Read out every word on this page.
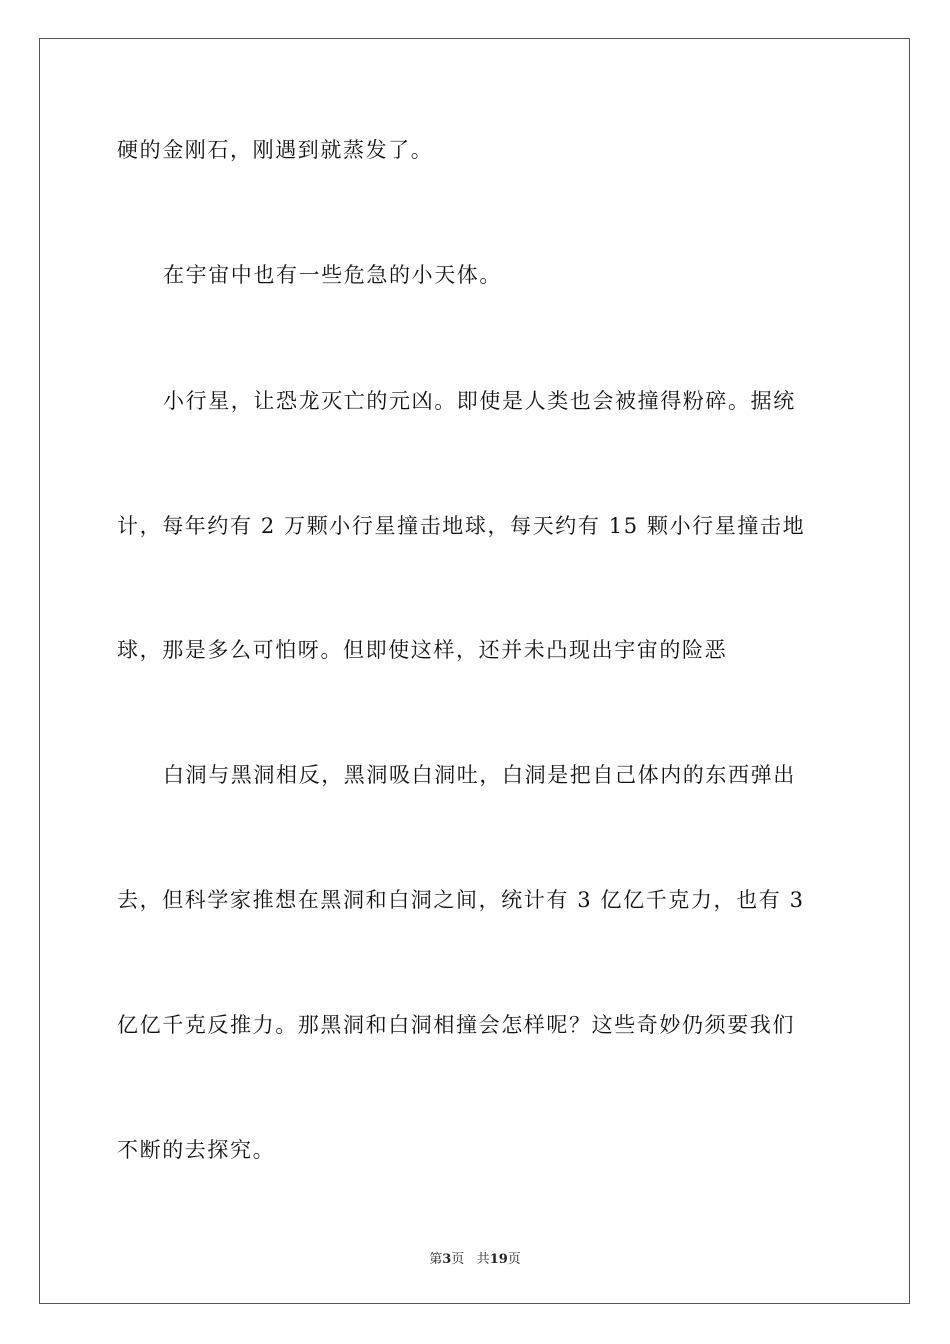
硬的金刚石，刚遇到就蒸发了。
在宇宙中也有一些危急的小天体。
小行星，让恐龙灭亡的元凶。即使是人类也会被撞得粉碎。据统
计，每年约有 2 万颗小行星撞击地球，每天约有 15 颗小行星撞击地
球，那是多么可怕呀。但即使这样，还并未凸现出宇宙的险恶
白洞与黑洞相反，黑洞吸白洞吐，白洞是把自己体内的东西弹出
去，但科学家推想在黑洞和白洞之间，统计有 3 亿亿千克力，也有 3
亿亿千克反推力。那黑洞和白洞相撞会怎样呢？这些奇妙仍须要我们
不断的去探究。
第3页 共19页
